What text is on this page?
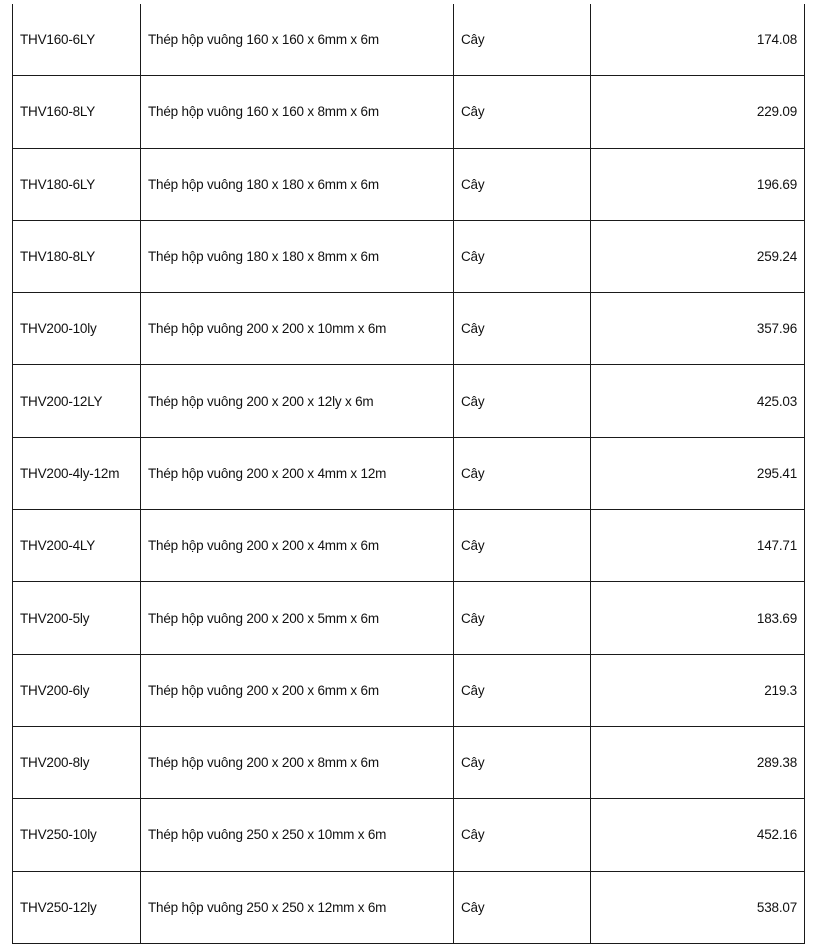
THV160-6LY	Thép hộp vuông 160 x 160 x 6mm x 6m	Cây	174.08
THV160-8LY	Thép hộp vuông 160 x 160 x 8mm x 6m	Cây	229.09
THV180-6LY	Thép hộp vuông 180 x 180 x 6mm x 6m	Cây	196.69
THV180-8LY	Thép hộp vuông 180 x 180 x 8mm x 6m	Cây	259.24
THV200-10ly	Thép hộp vuông 200 x 200 x 10mm x 6m	Cây	357.96
THV200-12LY	Thép hộp vuông 200 x 200 x 12ly x 6m	Cây	425.03
THV200-4ly-12m	Thép hộp vuông 200 x 200 x 4mm x 12m	Cây	295.41
THV200-4LY	Thép hộp vuông 200 x 200 x 4mm x 6m	Cây	147.71
THV200-5ly	Thép hộp vuông 200 x 200 x 5mm x 6m	Cây	183.69
THV200-6ly	Thép hộp vuông 200 x 200 x 6mm x 6m	Cây	219.3
THV200-8ly	Thép hộp vuông 200 x 200 x 8mm x 6m	Cây	289.38
THV250-10ly	Thép hộp vuông 250 x 250 x 10mm x 6m	Cây	452.16
THV250-12ly	Thép hộp vuông 250 x 250 x 12mm x 6m	Cây	538.07
